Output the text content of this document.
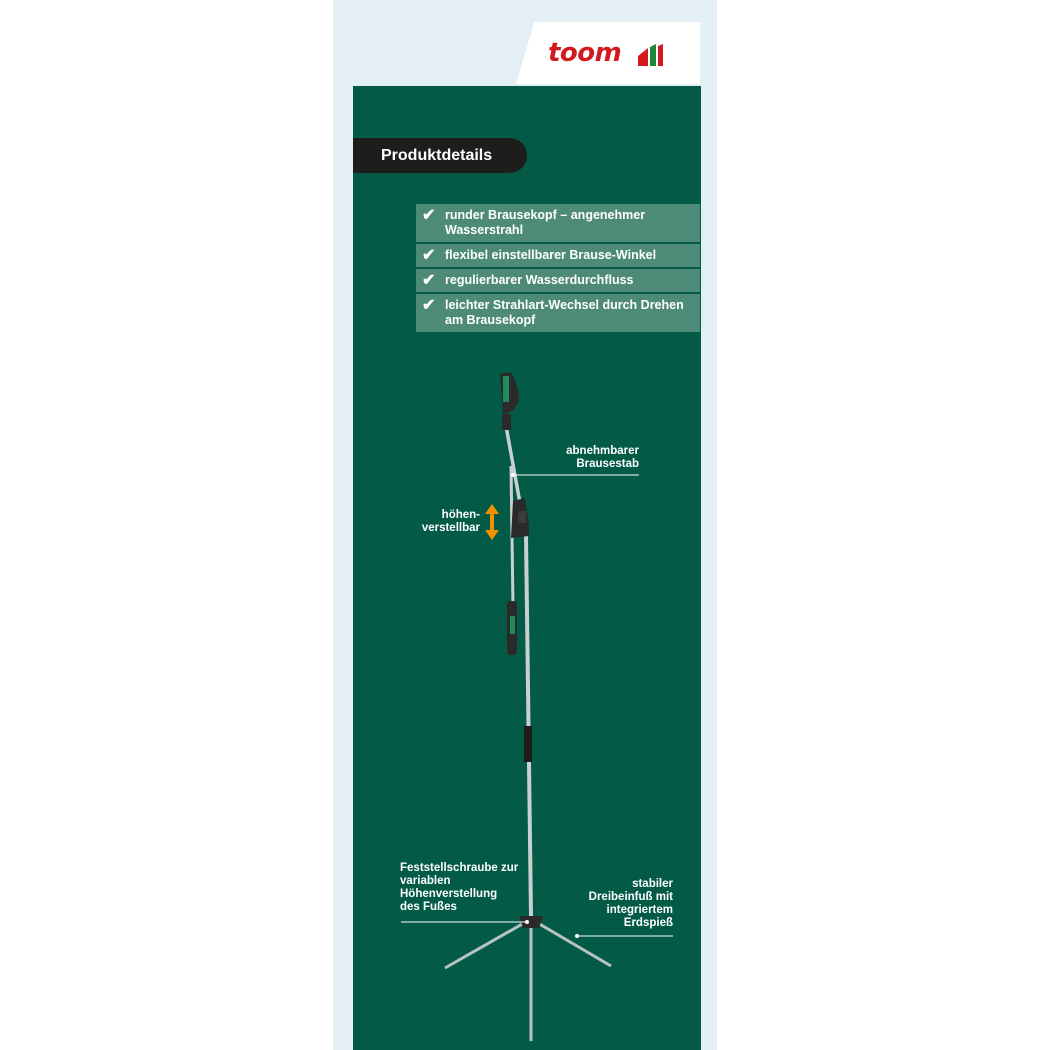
toom
Produktdetails
✔ runder Brausekopf – angenehmer Wasserstrahl
✔ flexibel einstellbarer Brause-Winkel
✔ regulierbarer Wasserdurchfluss
✔ leichter Strahlart-Wechsel durch Drehen am Brausekopf
abnehmbarer Brausestab
höhen-
verstellbar
Feststellschraube zur variablen Höhenverstellung des Fußes
stabiler Dreibeinfuß mit integriertem Erdspieß
